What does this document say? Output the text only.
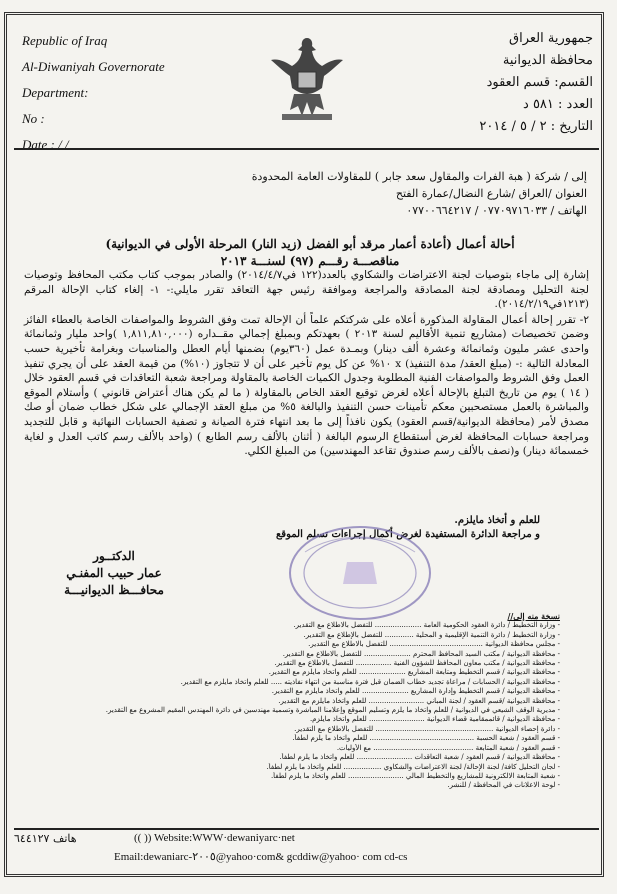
Republic of Iraq
Al-Diwaniyah Governorate
Department:
No :
Date : / /
جمهورية العراق
محافظة الديوانية
القسم: قسم العقود
العدد : ٥٨١ د
التاريخ : ٢ / ٥ / ٢٠١٤
إلى / شركة ( هبة الفرات والمقاول سعد جابر ) للمقاولات العامة المحدودة
العنوان /العراق /شارع النضال/عمارة الفتح
الهاتف / ٠٧٧٠٩٧١٦٠٣٣ / ٠٧٧٠٠٦٦٤٢١٧
أحالة أعمال (أعادة أعمار مرقد أبو الفضل (زيد النار) المرحلة الأولى في الديوانية)
مناقصـــة رقـــم (٩٧) لسنـــة ٢٠١٣

إشارة إلى ماجاء بتوصيات لجنة الاعتراضات والشكاوي بالعدد(١٢٢ في٢٠١٤/٤/٧) والصادر بموجب كتاب مكتب المحافظ وتوصيات لجنة التحليل ومصادقة لجنة المصادقة والمراجعة وموافقة رئيس جهة التعاقد تقرر مايلي:- ١- إلغاء كتاب الإحالة المرقم (١٢١٣في٢٠١٤/٢/١٩).

٢- تقرر إحالة أعمال المقاولة المذكورة أعلاه على شركتكم علماً أن الإحالة تمت وفق الشروط والمواصفات الخاصة بالعطاء الفائز وضمن تخصيصات (مشاريع تنمية الأقاليم لسنة ٢٠١٣ ) بعهدتكم وبمبلغ إجمالي مقــداره (١,٨١١,٨١٠,٠٠٠ )واحد مليار وثمانمائة واحدى عشر مليون وثمانمائة وعشرة ألف دينار) وبمـدة عمل (٣٦٠يوم) بضمنها أيام العطل والمناسبات وبغرامة تأخيرية حسب المعادلة التالية :- (مبلغ العقد/ مدة التنفيذ) x ١٠% عن كل يوم تأخير على أن لا تتجاوز (١٠%) من قيمة العقد على أن يجري تنفيذ العمل وفق الشروط والمواصفات الفنية المطلوبة وجدول الكميات الخاصة بالمقاولة ومراجعة شعبة التعاقدات في قسم العقود خلال ( ١٤ ) يوم من تاريخ التبلغ بالإحالة أعلاه لغرض توقيع العقد الخاص بالمقاولة ( ما لم يكن هناك أعتراض قانوني ) وأستلام الموقع والمباشرة بالعمل مستصحبين معكم تأمينات حسن التنفيذ والبالغة ٥% من مبلغ العقد الإجمالي على شكل خطاب ضمان أو صك مصدق لأمر (محافظة الديوانية/قسم العقود) يكون نافذاً إلى ما بعد انتهاء فترة الصيانة و تصفية الحسابات النهائية و قابل للتجديد ومراجعة حسابات المحافظة لغرض أستقطاع الرسوم البالغة ( أثنان بالألف رسم الطابع ) (واحد بالألف رسم كاتب العدل و لغاية خمسمائة دينار) و(نصف بالألف رسم صندوق تقاعد المهندسين) من المبلغ الكلي.

للعلم و أتخاذ مايلزم.
و مراجعة الدائرة المستفيدة لغرض أكمال إجراءات تسلم الموقع
الدكتــور
عمار حبيب المفنـي
محافـــظ الديوانيـــة
نسخة منه إلى//
- وزارة التخطيط / دائرة العقود الحكومية العامة ..................... للتفضل بالاطلاع مع التقدير.
- وزارة التخطيط / دائرة التنمية الإقليمية و المحلية ............. للتفضل بالإطلاع مع التقدير.
- مجلس محافظة الديوانية .......................................... للتفضل بالاطلاع مع التقدير.
- محافظة الديوانية / مكتب السيد المحافظ المحترم ..................... للتفضل بالاطلاع مع التقدير.
- محافظة الديوانية / مكتب معاون المحافظ للشؤون الفنية ................ للتفضل بالاطلاع مع التقدير.
- محافظة الديوانية / قسم التخطيط ومتابعة المشاريع ..................... للعلم واتخاذ مايلزم مع التقدير.
- محافظة الديوانية / الحسابات / مراعاة تجديد خطاب الضمان قبل فترة مناسبة من انتهاء نفاذيته ..... للعلم واتخاذ مايلزم مع التقدير.
- محافظة الديوانية / قسم التخطيط وإدارة المشاريع ..................... للعلم واتخاذ مايلزم مع التقدير.
- محافظة الديوانية /قسم العقود / لجنة المباني ......................... للعلم واتخاذ مايلزم مع التقدير.
- مديرية الوقف الشيعي في الديوانية / للعلم واتخاذ ما يلزم وتسليم الموقع وإعلامنا المباشرة وتسمية مهندسين في دائرة المهندس المقيم المشروع مع التقدير.
- محافظة الديوانية / قائممقامية قضاء الديوانية ......................... للعلم واتخاذ مايلزم.
- دائرة إحصاء الديوانية ..................................................... للتفضل بالاطلاع مع التقدير.
- قسم العقود / شعبة الحسبة ............................................... للعلم واتخاذ ما يلزم لطفاً.
- قسم العقود / شعبة المتابعة ............................................. مع الأوليات.
- محافظة الديوانية / قسم العقود / شعبة التعاقدات ......................... للعلم واتخاذ ما يلزم لطفاً.
- لجان التحليل كافة/ لجنة الإحالة/ لجنة الاعتراضات والشكاوي ................. للعلم واتخاذ ما يلزم لطفاً.
- شعبة المتابعة الالكترونية للمشاريع والتخطيط المالي ......................... للعلم واتخاذ ما يلزم لطفاً.
- لوحة الاعلانات في المحافظة / للنشر.
هاتف ٦٤٤١٢٧	(( )) Website:WWW·dewaniyarc·net
Email:dewaniarc-٢٠٠٥@yahoo·com& gcddiw@yahoo· com cd-cs
